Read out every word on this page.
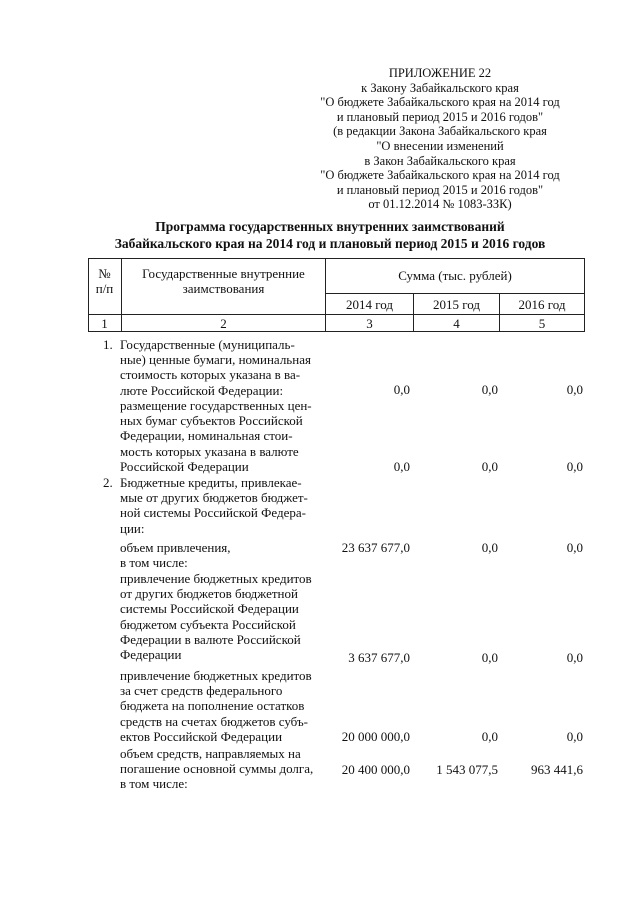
ПРИЛОЖЕНИЕ 22
к Закону Забайкальского края
"О бюджете Забайкальского края на 2014 год
и плановый период 2015 и 2016 годов"
(в редакции Закона Забайкальского края
"О внесении изменений
в Закон Забайкальского края
"О бюджете Забайкальского края на 2014 год
и плановый период 2015 и 2016 годов"
от 01.12.2014 № 1083-ЗЗК)
Программа государственных внутренних заимствований
Забайкальского края на 2014 год и плановый период 2015 и 2016 годов
№
п/п
Государственные внутренние
заимствования
Сумма (тыс. рублей)
2014 год	2015 год	2016 год
1	2	3	4	5
1. Государственные (муниципаль-
ные) ценные бумаги, номинальная
стоимость которых указана в ва-
люте Российской Федерации:	0,0	0,0	0,0
размещение государственных цен-
ных бумаг субъектов Российской
Федерации, номинальная стои-
мость которых указана в валюте
Российской Федерации	0,0	0,0	0,0
2. Бюджетные кредиты, привлекае-
мые от других бюджетов бюджет-
ной системы Российской Федера-
ции:
объем привлечения,
в том числе:
23 637 677,0	0,0	0,0
привлечение бюджетных кредитов
от других бюджетов бюджетной
системы Российской Федерации
бюджетом субъекта Российской
Федерации в валюте Российской
Федерации	3 637 677,0	0,0	0,0
привлечение бюджетных кредитов
за счет средств федерального
бюджета на пополнение остатков
средств на счетах бюджетов субъ-
ектов Российской Федерации	20 000 000,0	0,0	0,0
объем средств, направляемых на
погашение основной суммы долга,
в том числе:
20 400 000,0	1 543 077,5	963 441,6
